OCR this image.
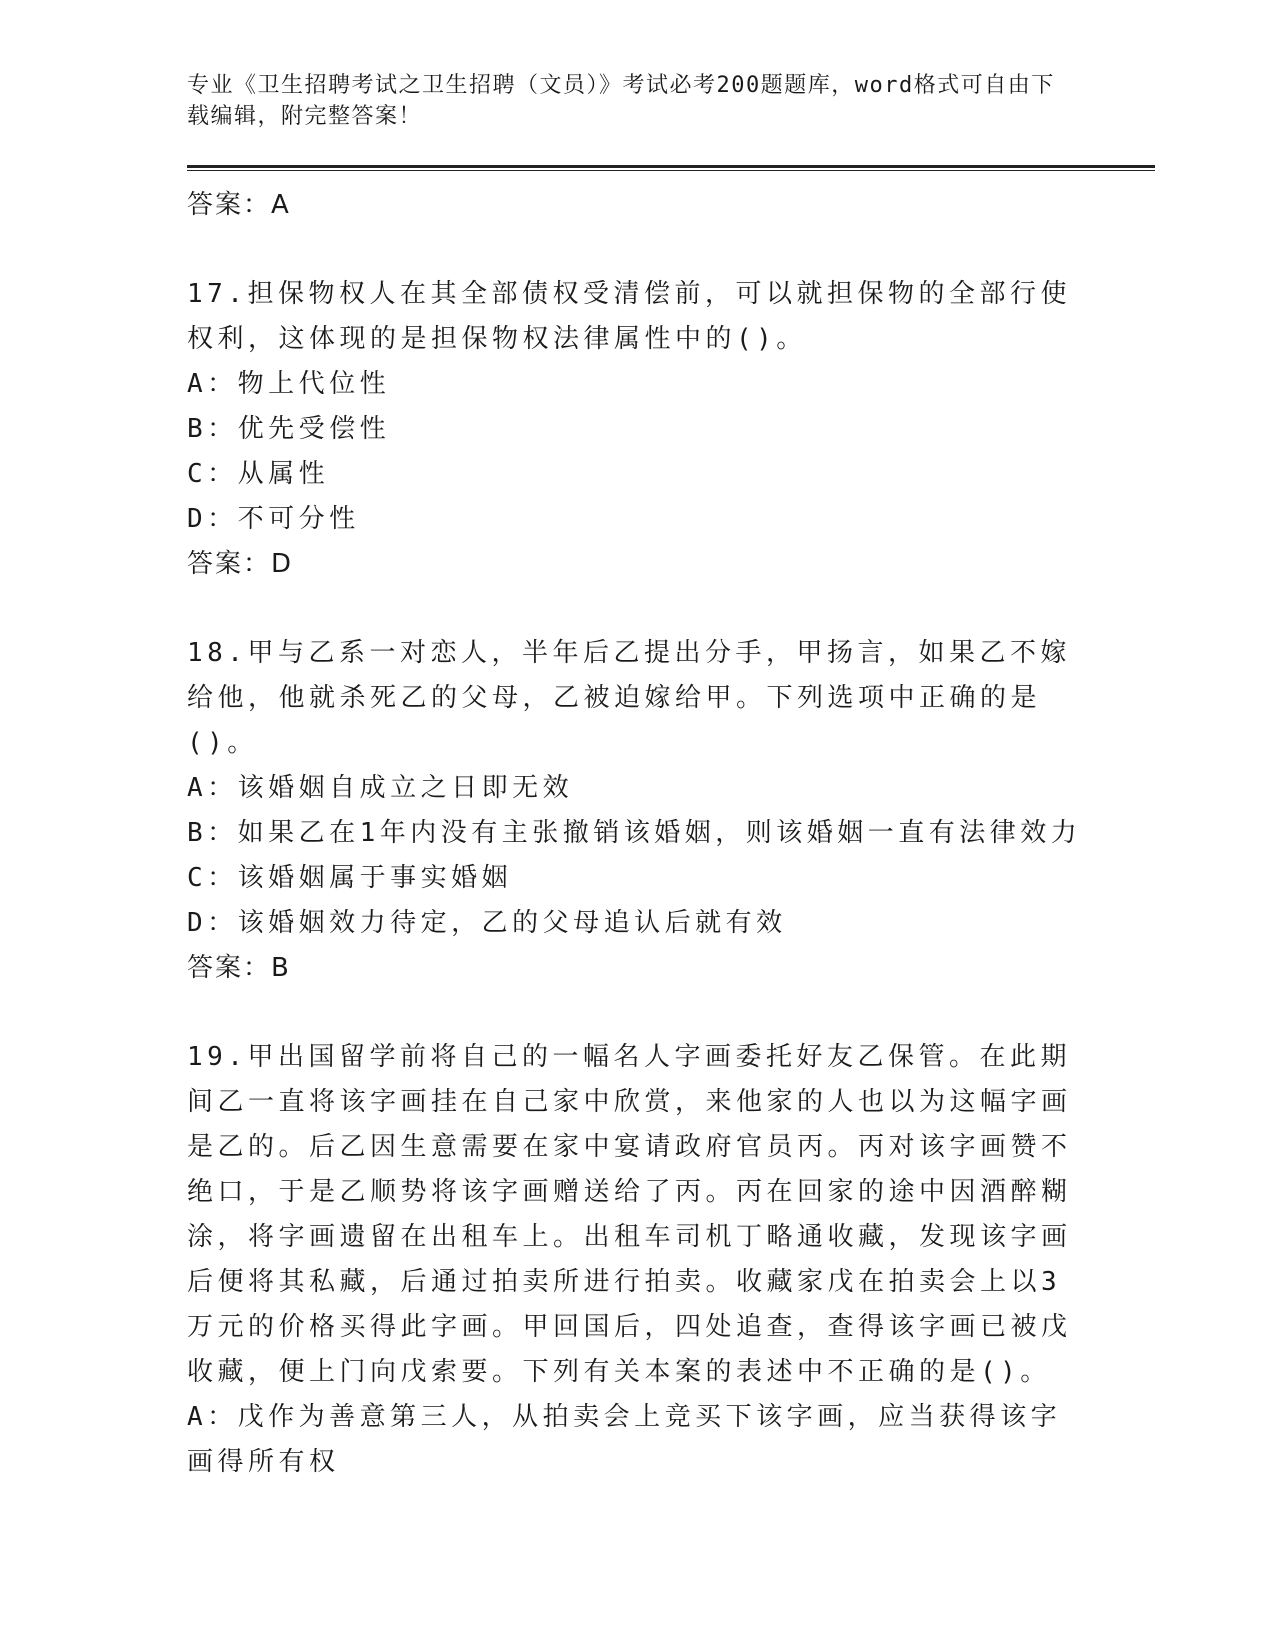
专业《卫生招聘考试之卫生招聘（文员）》考试必考200题题库，word格式可自由下载编辑，附完整答案！

答案：A

17.担保物权人在其全部债权受清偿前，可以就担保物的全部行使权利，这体现的是担保物权法律属性中的()。

A：物上代位性

B：优先受偿性

C：从属性

D：不可分性

答案：D

18.甲与乙系一对恋人，半年后乙提出分手，甲扬言，如果乙不嫁给他，他就杀死乙的父母，乙被迫嫁给甲。下列选项中正确的是()。

A：该婚姻自成立之日即无效

B：如果乙在1年内没有主张撤销该婚姻，则该婚姻一直有法律效力

C：该婚姻属于事实婚姻

D：该婚姻效力待定，乙的父母追认后就有效

答案：B

19.甲出国留学前将自己的一幅名人字画委托好友乙保管。在此期间乙一直将该字画挂在自己家中欣赏，来他家的人也以为这幅字画是乙的。后乙因生意需要在家中宴请政府官员丙。丙对该字画赞不绝口，于是乙顺势将该字画赠送给了丙。丙在回家的途中因酒醉糊涂，将字画遗留在出租车上。出租车司机丁略通收藏，发现该字画后便将其私藏，后通过拍卖所进行拍卖。收藏家戊在拍卖会上以3万元的价格买得此字画。甲回国后，四处追查，查得该字画已被戊收藏，便上门向戊索要。下列有关本案的表述中不正确的是()。

A：戊作为善意第三人，从拍卖会上竞买下该字画，应当获得该字画得所有权
